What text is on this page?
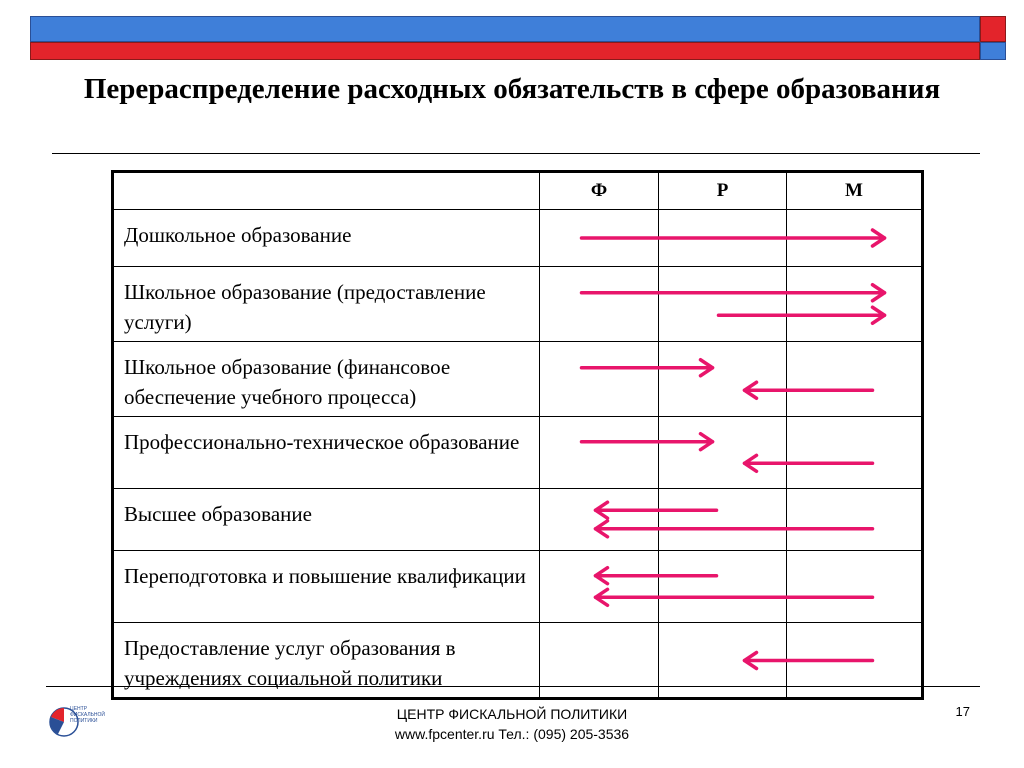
Перераспределение расходных обязательств в сфере образования
	Ф	Р	М
Дошкольное образование			
Школьное образование (предоставление услуги)			
Школьное образование (финансовое обеспечение учебного процесса)			
Профессионально-техническое образование			
Высшее образование			
Переподготовка и повышение квалификации			
Предоставление услуг образования в учреждениях социальной политики			
ЦЕНТР
ФИСКАЛЬНОЙ
ПОЛИТИКИ	ЦЕНТР ФИСКАЛЬНОЙ ПОЛИТИКИ
www.fpcenter.ru Тел.: (095) 205-3536
17
